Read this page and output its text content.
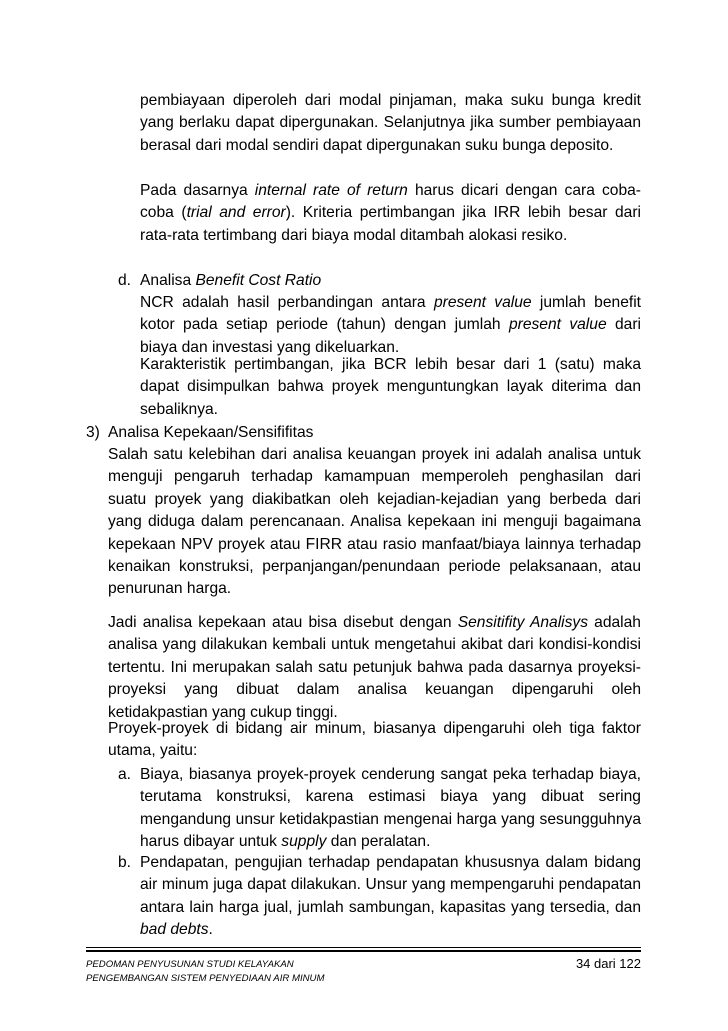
pembiayaan diperoleh dari modal pinjaman, maka suku bunga kredit yang berlaku dapat dipergunakan. Selanjutnya jika sumber pembiayaan berasal dari modal sendiri dapat dipergunakan suku bunga deposito.

Pada dasarnya internal rate of return harus dicari dengan cara coba-coba (trial and error). Kriteria pertimbangan jika IRR lebih besar dari rata-rata tertimbang dari biaya modal ditambah alokasi resiko.

d. Analisa Benefit Cost Ratio

NCR adalah hasil perbandingan antara present value jumlah benefit kotor pada setiap periode (tahun) dengan jumlah present value dari biaya dan investasi yang dikeluarkan.

Karakteristik pertimbangan, jika BCR lebih besar dari 1 (satu) maka dapat disimpulkan bahwa proyek menguntungkan layak diterima dan sebaliknya.

3) Analisa Kepekaan/Sensififitas

Salah satu kelebihan dari analisa keuangan proyek ini adalah analisa untuk menguji pengaruh terhadap kamampuan memperoleh penghasilan dari suatu proyek yang diakibatkan oleh kejadian-kejadian yang berbeda dari yang diduga dalam perencanaan. Analisa kepekaan ini menguji bagaimana kepekaan NPV proyek atau FIRR atau rasio manfaat/biaya lainnya terhadap kenaikan konstruksi, perpanjangan/penundaan periode pelaksanaan, atau penurunan harga.

Jadi analisa kepekaan atau bisa disebut dengan Sensitifity Analisys adalah analisa yang dilakukan kembali untuk mengetahui akibat dari kondisi-kondisi tertentu. Ini merupakan salah satu petunjuk bahwa pada dasarnya proyeksi-proyeksi yang dibuat dalam analisa keuangan dipengaruhi oleh ketidakpastian yang cukup tinggi.

Proyek-proyek di bidang air minum, biasanya dipengaruhi oleh tiga faktor utama, yaitu:

a. Biaya, biasanya proyek-proyek cenderung sangat peka terhadap biaya, terutama konstruksi, karena estimasi biaya yang dibuat sering mengandung unsur ketidakpastian mengenai harga yang sesungguhnya harus dibayar untuk supply dan peralatan.

b. Pendapatan, pengujian terhadap pendapatan khususnya dalam bidang air minum juga dapat dilakukan. Unsur yang mempengaruhi pendapatan antara lain harga jual, jumlah sambungan, kapasitas yang tersedia, dan bad debts.

PEDOMAN PENYUSUNAN STUDI KELAYAKAN
PENGEMBANGAN SISTEM PENYEDIAAN AIR MINUM
34 dari 122
